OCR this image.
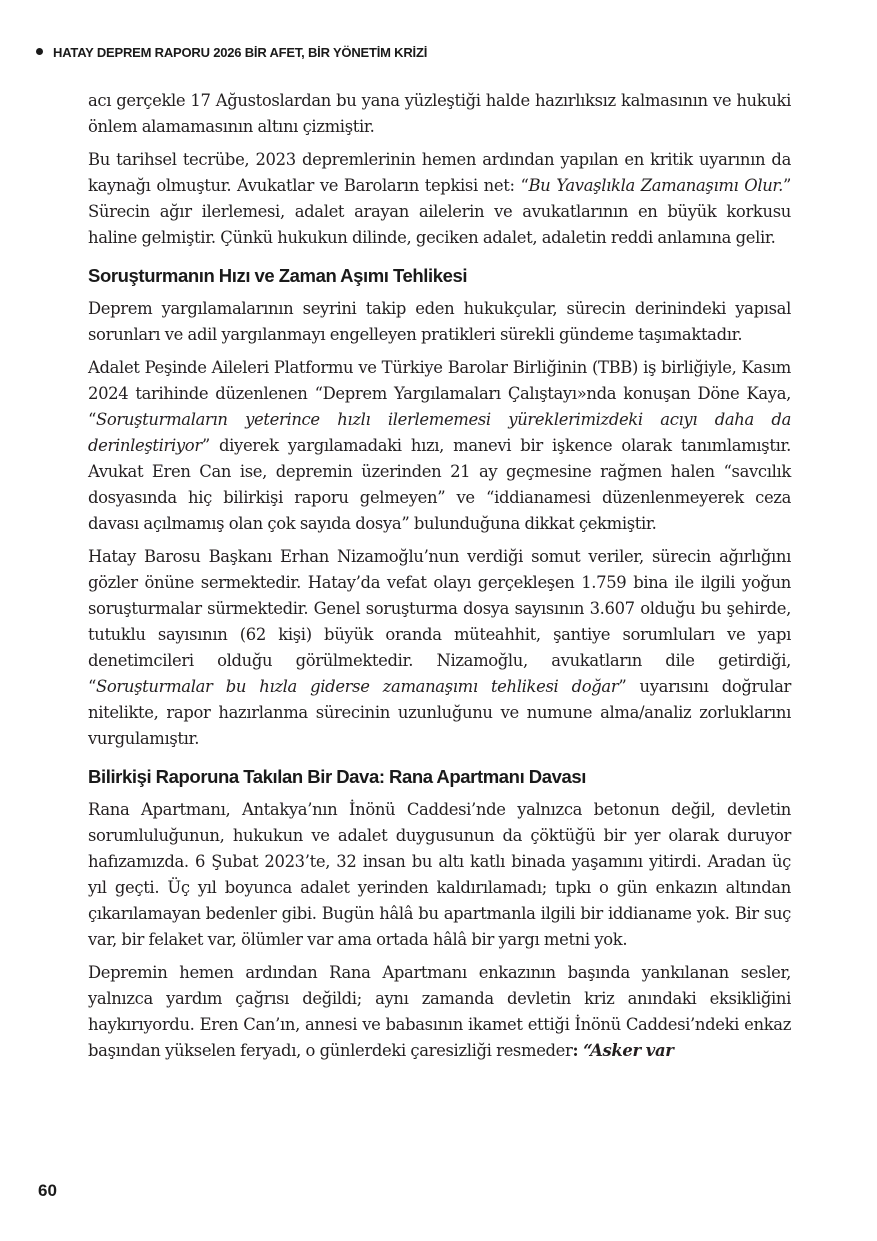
HATAY DEPREM RAPORU 2026 BİR AFET, BİR YÖNETİM KRİZİ

acı gerçekle 17 Ağustoslardan bu yana yüzleştiği halde hazırlıksız kalmasının ve hukuki önlem alamamasının altını çizmiştir.

Bu tarihsel tecrübe, 2023 depremlerinin hemen ardından yapılan en kritik uyarının da kaynağı olmuştur. Avukatlar ve Baroların tepkisi net: “Bu Yavaşlıkla Zamanaşımı Olur.” Sürecin ağır ilerlemesi, adalet arayan ailelerin ve avukatlarının en büyük korkusu haline gelmiştir. Çünkü hukukun dilinde, geciken adalet, adaletin reddi anlamına gelir.

Soruşturmanın Hızı ve Zaman Aşımı Tehlikesi

Deprem yargılamalarının seyrini takip eden hukukçular, sürecin derinindeki yapısal sorunları ve adil yargılanmayı engelleyen pratikleri sürekli gündeme taşımaktadır.

Adalet Peşinde Aileleri Platformu ve Türkiye Barolar Birliğinin (TBB) iş birliğiyle, Kasım 2024 tarihinde düzenlenen “Deprem Yargılamaları Çalıştayı»nda konuşan Döne Kaya, “Soruşturmaların yeterince hızlı ilerlememesi yüreklerimizdeki acıyı daha da derinleştiriyor” diyerek yargılamadaki hızı, manevi bir işkence olarak tanımlamıştır. Avukat Eren Can ise, depremin üzerinden 21 ay geçmesine rağmen halen “savcılık dosyasında hiç bilirkişi raporu gelmeyen” ve “iddianamesi düzenlenmeyerek ceza davası açılmamış olan çok sayıda dosya” bulunduğuna dikkat çekmiştir.

Hatay Barosu Başkanı Erhan Nizamoğlu’nun verdiği somut veriler, sürecin ağırlığını gözler önüne sermektedir. Hatay’da vefat olayı gerçekleşen 1.759 bina ile ilgili yoğun soruşturmalar sürmektedir. Genel soruşturma dosya sayısının 3.607 olduğu bu şehirde, tutuklu sayısının (62 kişi) büyük oranda müteahhit, şantiye sorumluları ve yapı denetimcileri olduğu görülmektedir. Nizamoğlu, avukatların dile getirdiği, “Soruşturmalar bu hızla giderse zamanaşımı tehlikesi doğar” uyarısını doğrular nitelikte, rapor hazırlanma sürecinin uzunluğunu ve numune alma/analiz zorluklarını vurgulamıştır.

Bilirkişi Raporuna Takılan Bir Dava: Rana Apartmanı Davası

Rana Apartmanı, Antakya’nın İnönü Caddesi’nde yalnızca betonun değil, devletin sorumluluğunun, hukukun ve adalet duygusunun da çöktüğü bir yer olarak duruyor hafızamızda. 6 Şubat 2023’te, 32 insan bu altı katlı binada yaşamını yitirdi. Aradan üç yıl geçti. Üç yıl boyunca adalet yerinden kaldırılamadı; tıpkı o gün enkazın altından çıkarılamayan bedenler gibi. Bugün hâlâ bu apartmanla ilgili bir iddianame yok. Bir suç var, bir felaket var, ölümler var ama ortada hâlâ bir yargı metni yok.

Depremin hemen ardından Rana Apartmanı enkazının başında yankılanan sesler, yalnızca yardım çağrısı değildi; aynı zamanda devletin kriz anındaki eksikliğini haykırıyordu. Eren Can’ın, annesi ve babasının ikamet ettiği İnönü Caddesi’ndeki enkaz başından yükselen feryadı, o günlerdeki çaresizliği resmeder: “Asker var

60
